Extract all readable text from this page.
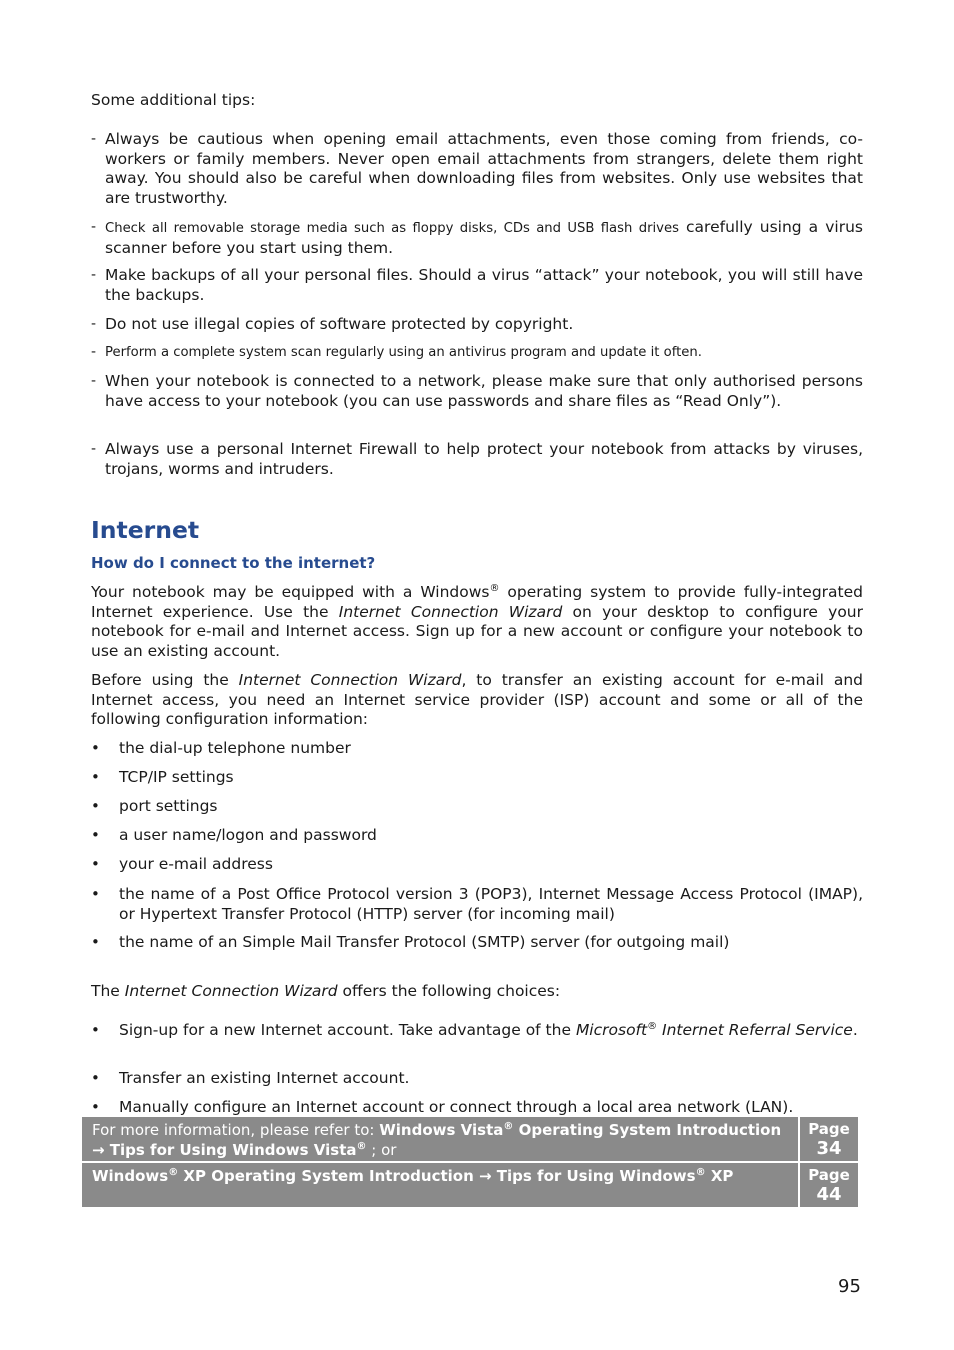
Some additional tips:

- Always be cautious when opening email attachments, even those coming from friends, co-workers or family members. Never open email attachments from strangers, delete them right away. You should also be careful when downloading files from websites. Only use websites that are trustworthy.
- Check all removable storage media such as floppy disks, CDs and USB flash drives carefully using a virus scanner before you start using them.
- Make backups of all your personal files. Should a virus “attack” your notebook, you will still have the backups.
- Do not use illegal copies of software protected by copyright.
- Perform a complete system scan regularly using an antivirus program and update it often.
- When your notebook is connected to a network, please make sure that only authorised persons have access to your notebook (you can use passwords and share files as “Read Only”).
- Always use a personal Internet Firewall to help protect your notebook from attacks by viruses, trojans, worms and intruders.
Internet
How do I connect to the internet?

Your notebook may be equipped with a Windows® operating system to provide fully-integrated Internet experience. Use the Internet Connection Wizard on your desktop to configure your notebook for e-mail and Internet access. Sign up for a new account or configure your notebook to use an existing account.

Before using the Internet Connection Wizard, to transfer an existing account for e-mail and Internet access, you need an Internet service provider (ISP) account and some or all of the following configuration information:

• the dial-up telephone number
• TCP/IP settings
• port settings
• a user name/logon and password
• your e-mail address
• the name of a Post Office Protocol version 3 (POP3), Internet Message Access Protocol (IMAP), or Hypertext Transfer Protocol (HTTP) server (for incoming mail)
• the name of an Simple Mail Transfer Protocol (SMTP) server (for outgoing mail)

The Internet Connection Wizard offers the following choices:

• Sign-up for a new Internet account. Take advantage of the Microsoft® Internet Referral Service.
• Transfer an existing Internet account.
• Manually configure an Internet account or connect through a local area network (LAN).
For more information, please refer to: Windows Vista® Operating System Introduction → Tips for Using Windows Vista® ; or
Page
34
Windows® XP Operating System Introduction → Tips for Using Windows® XP	Page
44
95
